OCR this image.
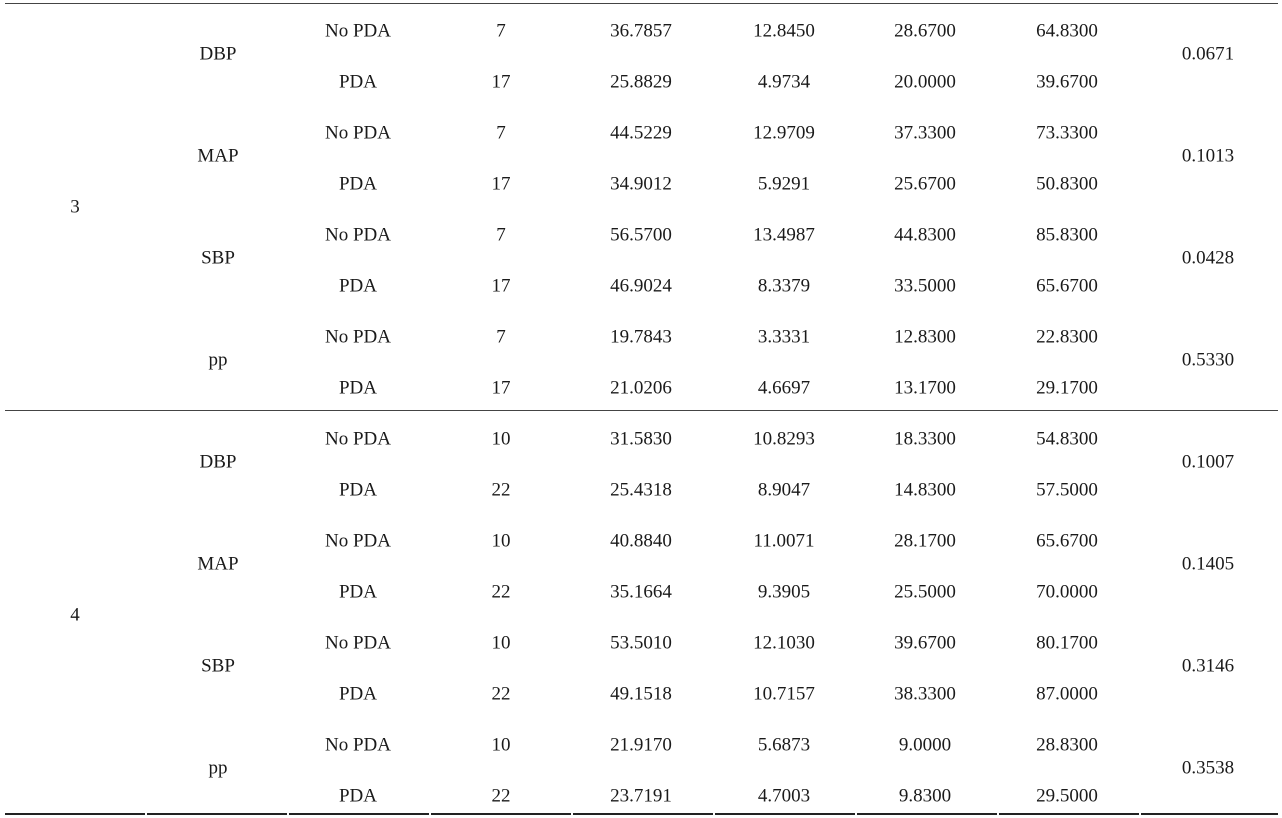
3
DBP	0.0671
No PDA	7	36.7857	12.8450	28.6700	64.8300
PDA	17	25.8829	4.9734	20.0000	39.6700
MAP	0.1013
No PDA	7	44.5229	12.9709	37.3300	73.3300
PDA	17	34.9012	5.9291	25.6700	50.8300
SBP	0.0428
No PDA	7	56.5700	13.4987	44.8300	85.8300
PDA	17	46.9024	8.3379	33.5000	65.6700
pp	0.5330
No PDA	7	19.7843	3.3331	12.8300	22.8300
PDA	17	21.0206	4.6697	13.1700	29.1700
4
DBP	0.1007
No PDA	10	31.5830	10.8293	18.3300	54.8300
PDA	22	25.4318	8.9047	14.8300	57.5000
MAP	0.1405
No PDA	10	40.8840	11.0071	28.1700	65.6700
PDA	22	35.1664	9.3905	25.5000	70.0000
SBP	0.3146
No PDA	10	53.5010	12.1030	39.6700	80.1700
PDA	22	49.1518	10.7157	38.3300	87.0000
pp	0.3538
No PDA	10	21.9170	5.6873	9.0000	28.8300
PDA	22	23.7191	4.7003	9.8300	29.5000
